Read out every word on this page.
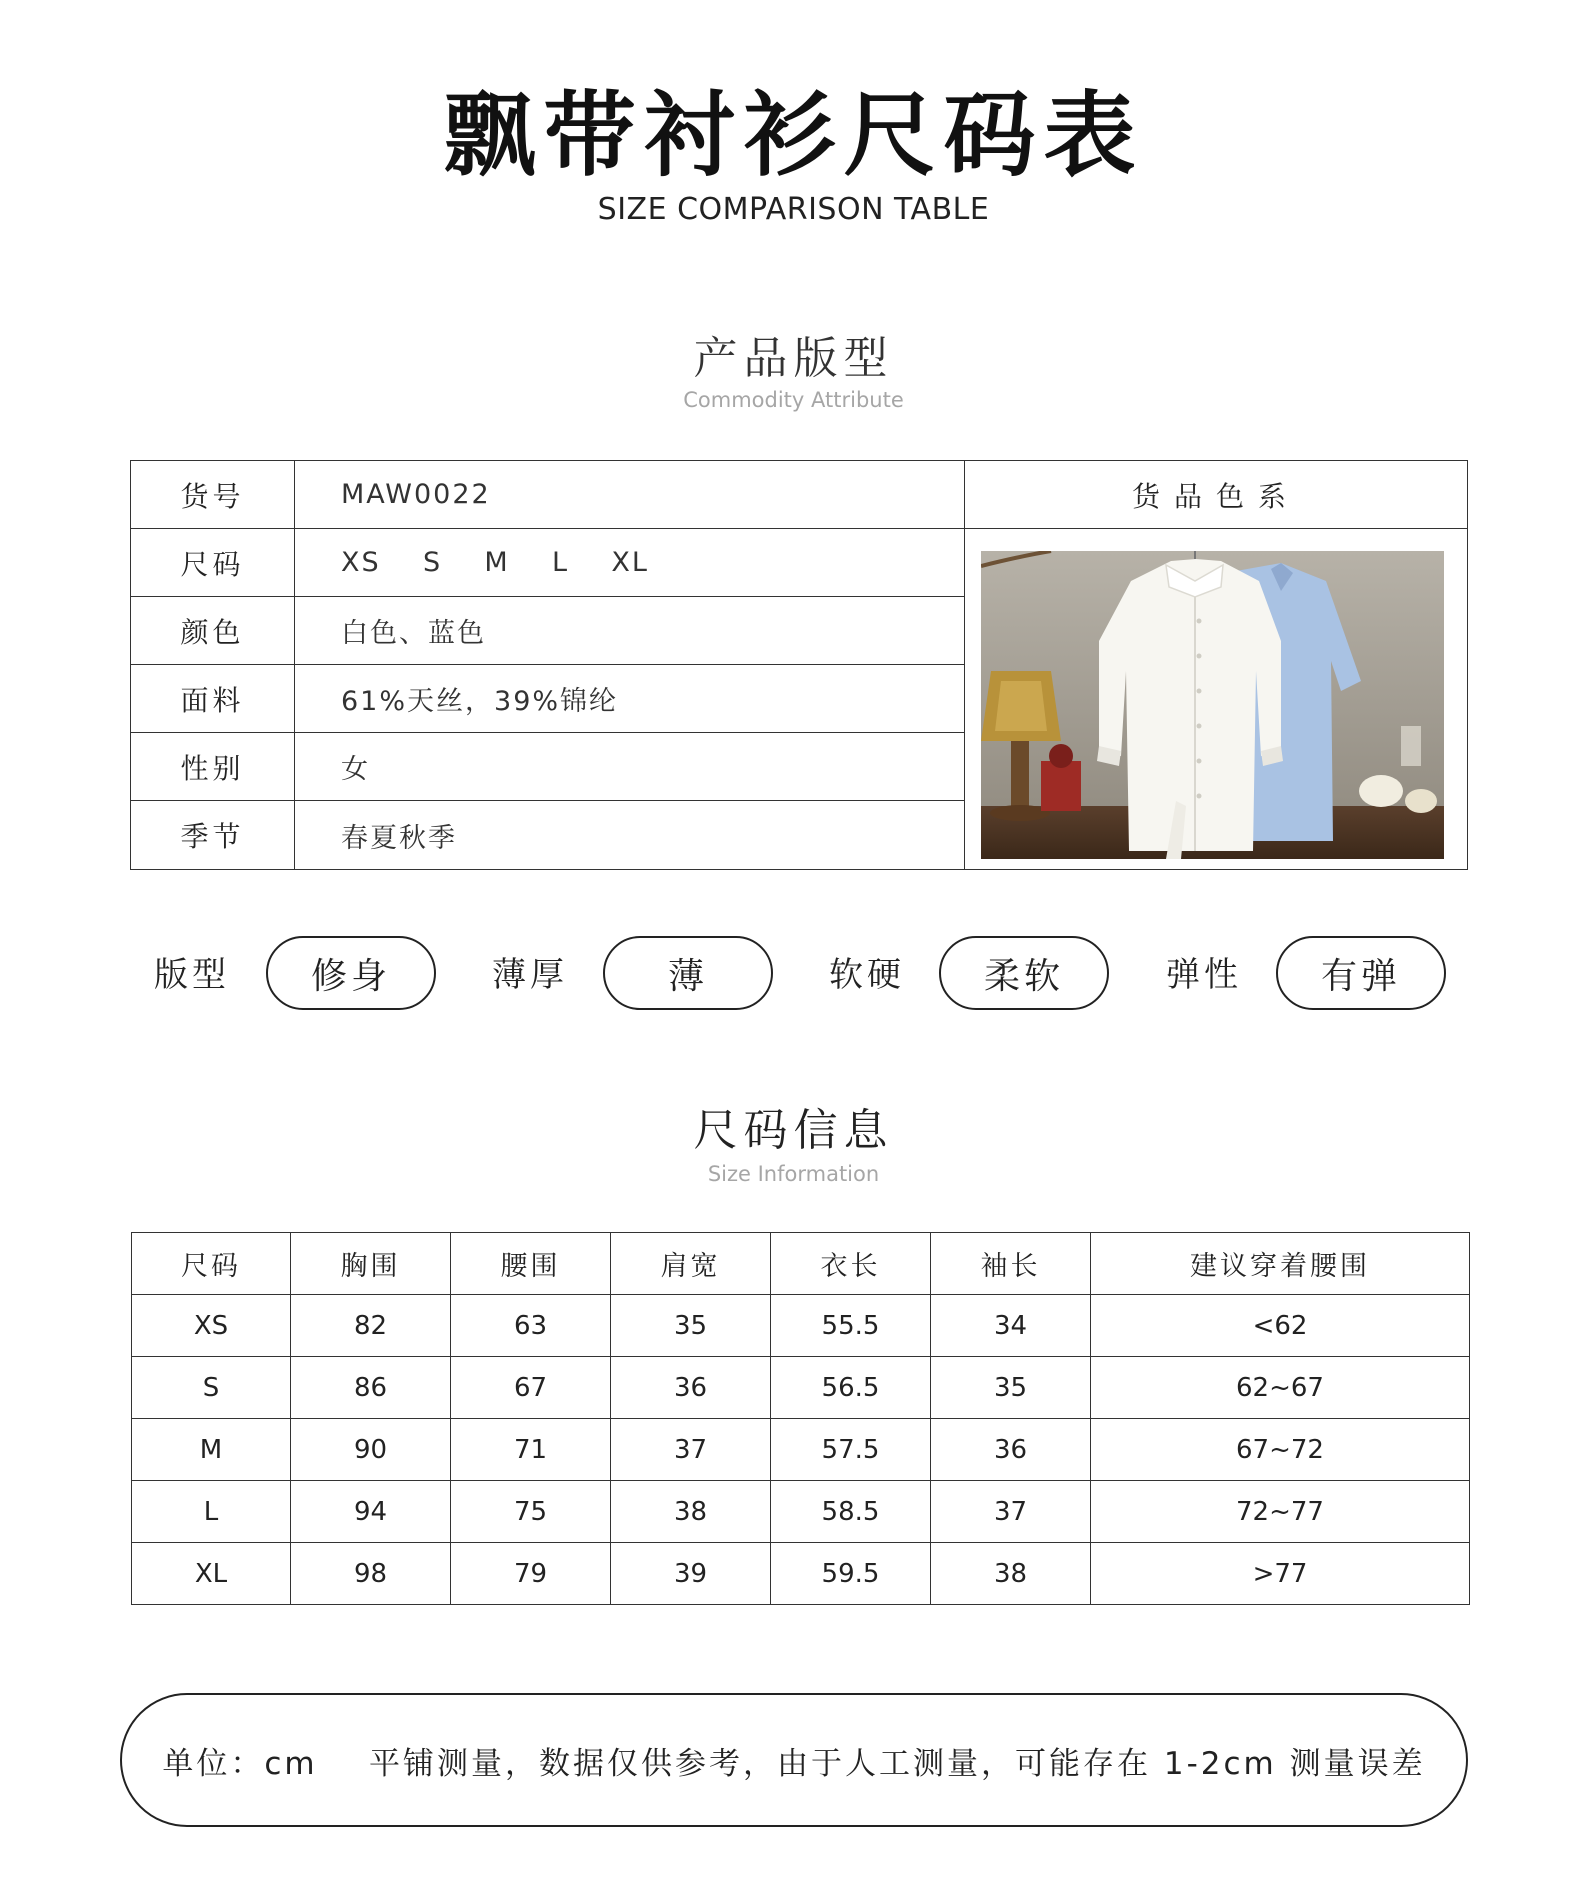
飘带衬衫尺码表
SIZE COMPARISON TABLE
产品版型
Commodity Attribute
货号	MAW0022
尺码	XS    S    M    L    XL
颜色	白色、蓝色
面料	61%天丝，39%锦纶
性别	女
季节	春夏秋季
货品色系
版型	修身	薄厚	薄	软硬	柔软	弹性	有弹
尺码信息
Size Information
尺码	胸围	腰围	肩宽	衣长	袖长	建议穿着腰围
XS	82	63	35	55.5	34	<62
S	86	67	36	56.5	35	62~67
M	90	71	37	57.5	36	67~72
L	94	75	38	58.5	37	72~77
XL	98	79	39	59.5	38	>77
单位：cm    平铺测量，数据仅供参考，由于人工测量，可能存在 1-2cm 测量误差
